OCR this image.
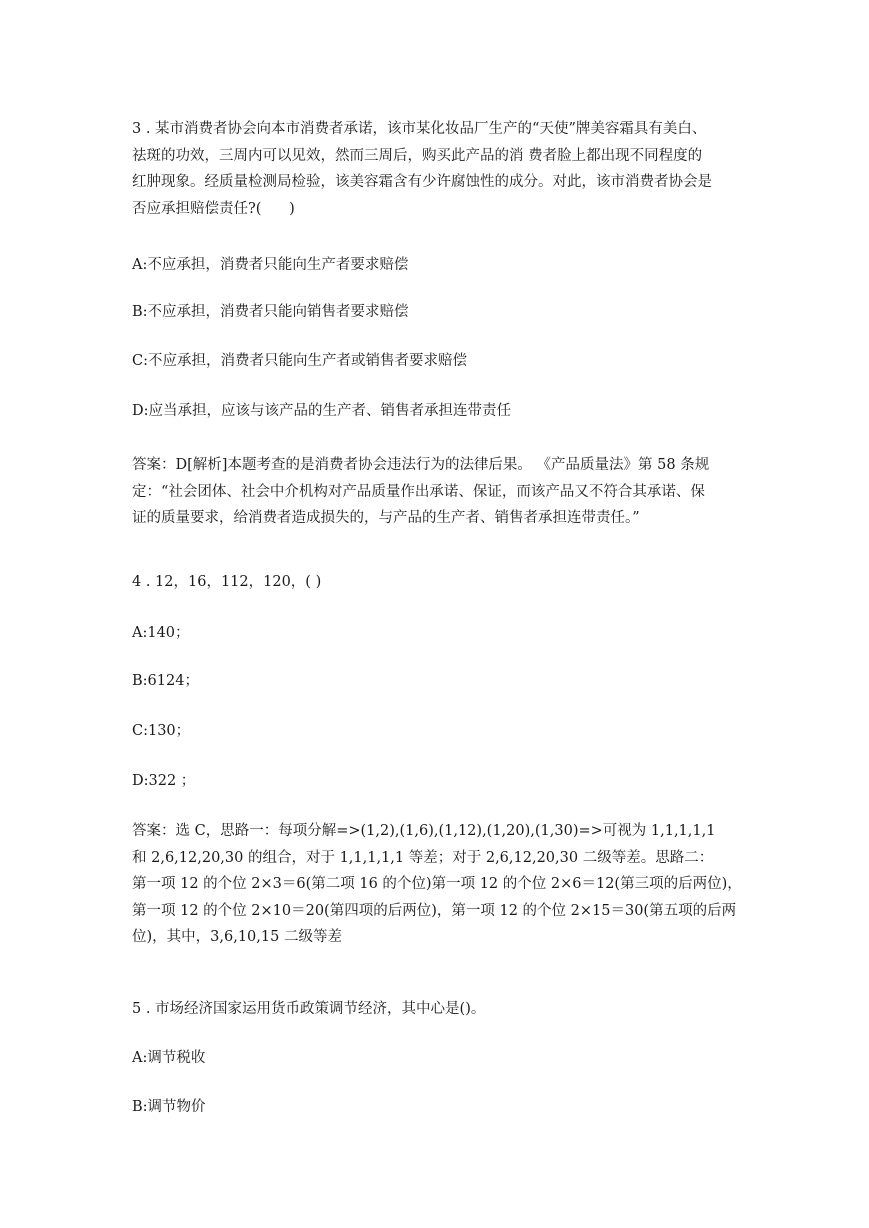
3 . 某市消费者协会向本市消费者承诺，该市某化妆品厂生产的“天使”牌美容霜具有美白、
祛斑的功效，三周内可以见效，然而三周后，购买此产品的消 费者脸上都出现不同程度的
红肿现象。经质量检测局检验，该美容霜含有少许腐蚀性的成分。对此，该市消费者协会是
否应承担赔偿责任?(      )

A:不应承担，消费者只能向生产者要求赔偿

B:不应承担，消费者只能向销售者要求赔偿

C:不应承担，消费者只能向生产者或销售者要求赔偿

D:应当承担，应该与该产品的生产者、销售者承担连带责任

答案：D[解析]本题考查的是消费者协会违法行为的法律后果。 《产品质量法》第 58 条规
定：“社会团体、社会中介机构对产品质量作出承诺、保证，而该产品又不符合其承诺、保
证的质量要求，给消费者造成损失的，与产品的生产者、销售者承担连带责任。”

4 . 12，16，112，120，( )

A:140；

B:6124；

C:130；

D:322 ；

答案：选 C，思路一：每项分解=>(1,2),(1,6),(1,12),(1,20),(1,30)=>可视为 1,1,1,1,1
和 2,6,12,20,30 的组合，对于 1,1,1,1,1 等差；对于 2,6,12,20,30 二级等差。思路二：
第一项 12 的个位 2×3＝6(第二项 16 的个位)第一项 12 的个位 2×6＝12(第三项的后两位)，
第一项 12 的个位 2×10＝20(第四项的后两位)，第一项 12 的个位 2×15＝30(第五项的后两
位)，其中，3,6,10,15 二级等差

5 . 市场经济国家运用货币政策调节经济，其中心是()。

A:调节税收

B:调节物价
